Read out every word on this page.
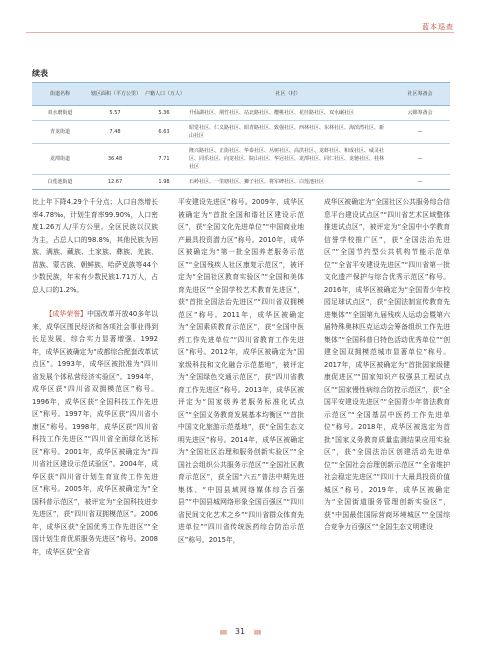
蓝本巡查
续表
街道名称	辖区面积（平方公里）	户籍人口（万人）	社区（村）	社区筹备会
双水磨街道	5.57	5.36	升仙湖社区、荆竹社区、站北路社区、樱桃社区、花径路社区、双水碾社区	云锦筹备会
青龙街道	7.48	6.63	昭觉社区、仁义路社区、昭青路社区、致强社区、西林社区、东林社区、海滨湾社区、新山社区	—
龙潭街道	36.48	7.71	隆兴路社区、正街社区、华泰社区、丛树社区、高洪社区、龙虾社区、和成社区、威灵社区、同乐社区、向龙社区、院山社区、华冠社区、龙潭社区、同仁社区、龙驰社区、桂林社区	—
白莲池街道	12.67	1.98	石岭社区、一里塘社区、狮子社区、将军碑社区、白莲池社区	—

比上年下降4.29个千分点；人口自然增长率4.78‰，计划生育率99.90%，人口密度1.26万人/平方公里。全区民族以汉族为主，占总人口的98.8%，其他民族为回族、满族、藏族、土家族、彝族、羌族、苗族、蒙古族、朝鲜族、哈萨克族等44个少数民族，年末有少数民族1.71万人，占总人口的1.2%。

【成华荣誉】中国改革开放40多年以来，成华区围民经济和各项社会事业得到长足发展，综合实力显著增强。1992年，成华区被确定为“成都综合配套改革试点区”。1993年，成华区被批准为“四川省发展个体私营经济实验区”。1994年，成华区获“四川省双拥模范区”称号。1996年，成华区获“全国科技工作先进区”称号。1997年，成华区获“四川省小康区”称号。1998年，成华区获“四川省科技工作先进区”“四川省全面绿化达标区”称号。2001年，成华区被确定为“四川省社区建设示范试验区”。2004年，成华区获“四川省计划生育宣传工作先进区”称号。2005年，成华区被确定为“全国科普示范区”，被评定为“全国科技进步先进区”，获“四川省双拥模范区”。2006年，成华区获“全国优秀工作先进区”“全国计划生育优质服务先进区”称号。2008年，成华区获“全省

平安建设先进区”称号。2009年，成华区被确定为“首批全国和谐社区建设示范区”，获“全国文化先进单位”“中国商业地产最具投资潜力区”称号。2010年，成华区被确定为“第一批全国养老服务示范区”“全国残疾人社区康复示范区”，被评定为“全国社区教育实验区”“全国和美体育先进区”“全国学校艺术教育先进区”，获“首批全国法治先进区”“四川省双拥模范区”称号。2011年，成华区被确定为“全国素质教育示范区”，获“全国中医药工作先进单位”“四川省教育工作先进区”称号。2012年，成华区被确定为“国家级科技和文化融合示范基地”，被评定为“全国绿色交通示范区”，获“四川省教育工作先进区”称号。2013年，成华区被评定为“国家级养老服务标准化试点区”“全国义务教育发展基本均衡区”“首批中国文化旅游示范基地”，获“全国生态文明先进区”称号。2014年，成华区被确定为“全国社区治理和服务创新实验区”“全国社会组织公共服务示范区”“全国社区教育示范区”，获全国“六五”普法中期先进集体、“中国县域网络媒体综合百强县”“中国县城网络形象全国百强区”“四川省民间文化艺术之乡”“四川省群众体育先进单位”“四川省传统医药综合防治示范区”称号。2015年，

成华区被确定为“全国社区公共服务综合信息平台建设试点区”“四川省艺术区域整体推进试点区”，被评定为“全国中小学教育信誉学校推广区”，获“全国法治先进区”“全国节约型公共机构节能示范单位”“全省平安建设先进区”“四川省第一批文化遗产保护与综合优秀示范区”称号。2016年，成华区被确定为“全国青少年校园足球试点区”，获“全国法制宣传教育先进集体”“全国第九届残疾人运动会暨第六届特殊奥林匹克运动会筹备组织工作先进集体”“全国科普日特色活动优秀单位”“创建全国双拥模范城市显著单位”称号。2017年，成华区被确定为“首批国家级健康促进区”“国家知识产权强县工程试点区”“国家慢性病综合防控示范区”，获“全国平安建设先进区”“全国青少年普法教育示范区”“全国基层中医药工作先进单位”称号。2018年，成华区被选定为首批“国家义务教育质量监测结果应用实验区”，获“全国法治区创建活动先进单位”“全国社会治理创新示范区”“全省维护社会稳定先进区”“四川十大最具投资价值城区”称号。2019年，成华区被确定为“全国街道服务管理创新实验区”，获“中国最佳国际营商环境城区”“全国综合竞争力百强区”“全国生态文明建设

▮▮▮ 31 ▮▮▮
